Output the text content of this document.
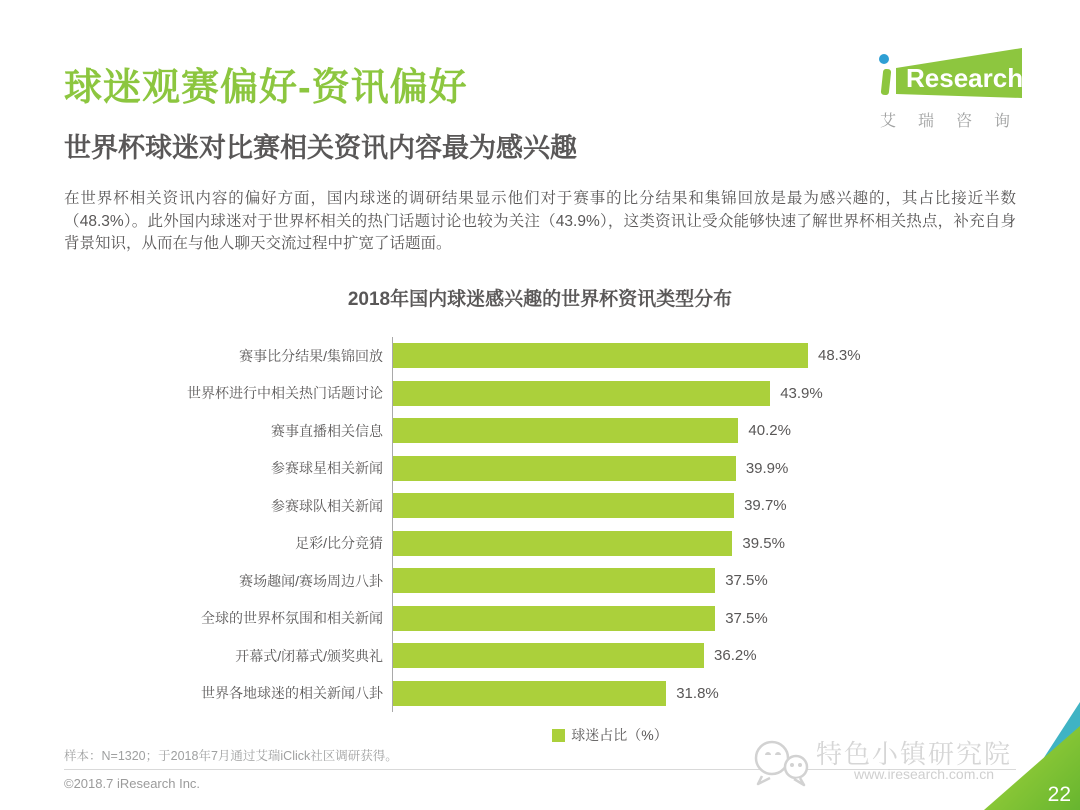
球迷观赛偏好-资讯偏好	Research
艾瑞咨询
世界杯球迷对比赛相关资讯内容最为感兴趣
在世界杯相关资讯内容的偏好方面，国内球迷的调研结果显示他们对于赛事的比分结果和集锦回放是最为感兴趣的，其占比接近半数（48.3%）。此外国内球迷对于世界杯相关的热门话题讨论也较为关注（43.9%），这类资讯让受众能够快速了解世界杯相关热点，补充自身背景知识，从而在与他人聊天交流过程中扩宽了话题面。
2018年国内球迷感兴趣的世界杯资讯类型分布
赛事比分结果/集锦回放	48.3%
世界杯进行中相关热门话题讨论	43.9%
赛事直播相关信息	40.2%
参赛球星相关新闻	39.9%
参赛球队相关新闻	39.7%
足彩/比分竞猜	39.5%
赛场趣闻/赛场周边八卦	37.5%
全球的世界杯氛围和相关新闻	37.5%
开幕式/闭幕式/颁奖典礼	36.2%
世界各地球迷的相关新闻八卦	31.8%
球迷占比（%）
样本：N=1320；于2018年7月通过艾瑞iClick社区调研获得。
©2018.7 iResearch Inc.
特色小镇研究院
www.iresearch.com.cn
22
